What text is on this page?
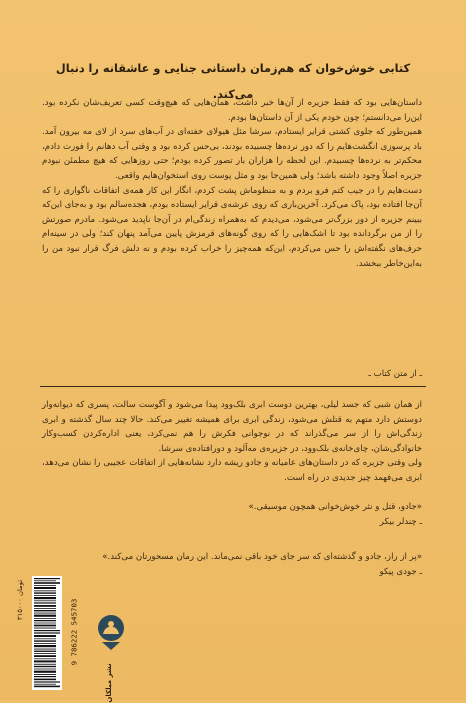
کتابی خوش‌خوان که هم‌زمان داستانی جنایی و عاشقانه را دنبال می‌کند.

داستان‌هایی بود که فقط جزیره از آن‌ها خبر داشت، همان‌هایی که هیچ‌وقت کسی تعریف‌شان نکرده بود. این‌را می‌دانستم؛ چون خودم یکی از آن داستان‌ها بودم.

همین‌طور که جلوی کشتی قرایر ایستادم، سرشا مثل هیولای خفته‌ای در آب‌های سرد از لای مه بیرون آمد. باد پرسوزی انگشت‌هایم را که دور نرده‌ها چسبیده بودند، بی‌حس کرده بود و وقتی آب دهانم را فورت دادم، محکم‌تر به نرده‌ها چسبیدم. این لحظه را هزاران بار تصور کرده بودم؛ حتی روزهایی که هیچ مطمئن نبودم جزیره اصلاً وجود داشته باشد؛ ولی همین‌جا بود و مثل پوست روی استخوان‌هایم واقعی.

دست‌هایم را در جیب کتم فرو بردم و به منظوماش پشت کردم، انگار این کار همه‌ی اتفاقات ناگواری را که آن‌جا افتاده بود، پاک می‌کرد. آخرین‌باری که روی عرشه‌ی قرایر ایستاده بودم، هجده‌سالم بود و به‌جای این‌که ببینم جزیره از دور بزرگ‌تر می‌شود، می‌دیدم که به‌همراه زندگی‌ام در آن‌جا ناپدید می‌شود. مادرم صورتش را از من برگردانده بود تا اشک‌هایی را که روی گونه‌های قرمزش پایین می‌آمد پنهان کند؛ ولی در سینه‌ام حرف‌های نگفته‌اش را حس می‌کردم، این‌که همه‌چیز را خراب کرده بودم و نه دلش فرگ قرار نبود من را به‌این‌خاطر ببخشد.

ـ از متن کتاب ـ

از همان شبی که جسد لیلی، بهترین دوست ابری بلک‌وود پیدا می‌شود و آگوست سالت، پسری که دیوانه‌وار دوستش دارد متهم به قتلش می‌شود، زندگی ابری برای همیشه تغییر می‌کند. حالا چند سال گذشته و ابری زندگی‌اش را از سر می‌گذراند که در نوجوانی فکرش را هم نمی‌کرد، یعنی اداره‌کردن کسب‌وکار خانوادگی‌شان، چای‌خانه‌ی بلک‌وود، در جزیره‌ی مه‌آلود و دورافتاده‌ی سرشا.

ولی وقتی جزیره که در داستان‌های عامیانه و جادو ریشه دارد نشانه‌هایی از اتفاقات عجیبی را نشان می‌دهد، ابری می‌فهمد چیز جدیدی در راه است.

«جادو، قتل و نثر خوش‌خوانی همچون موسیقی.»
ـ چندلر بیکر
«پر از راز، جادو و گذشته‌ای که سر جای خود باقی نمی‌ماند. این رمان مسحورتان می‌کند.»
ـ جودی پیکو
۳۱۵۰۰۰ تومان
9 786222 545703
نشر میلکان
